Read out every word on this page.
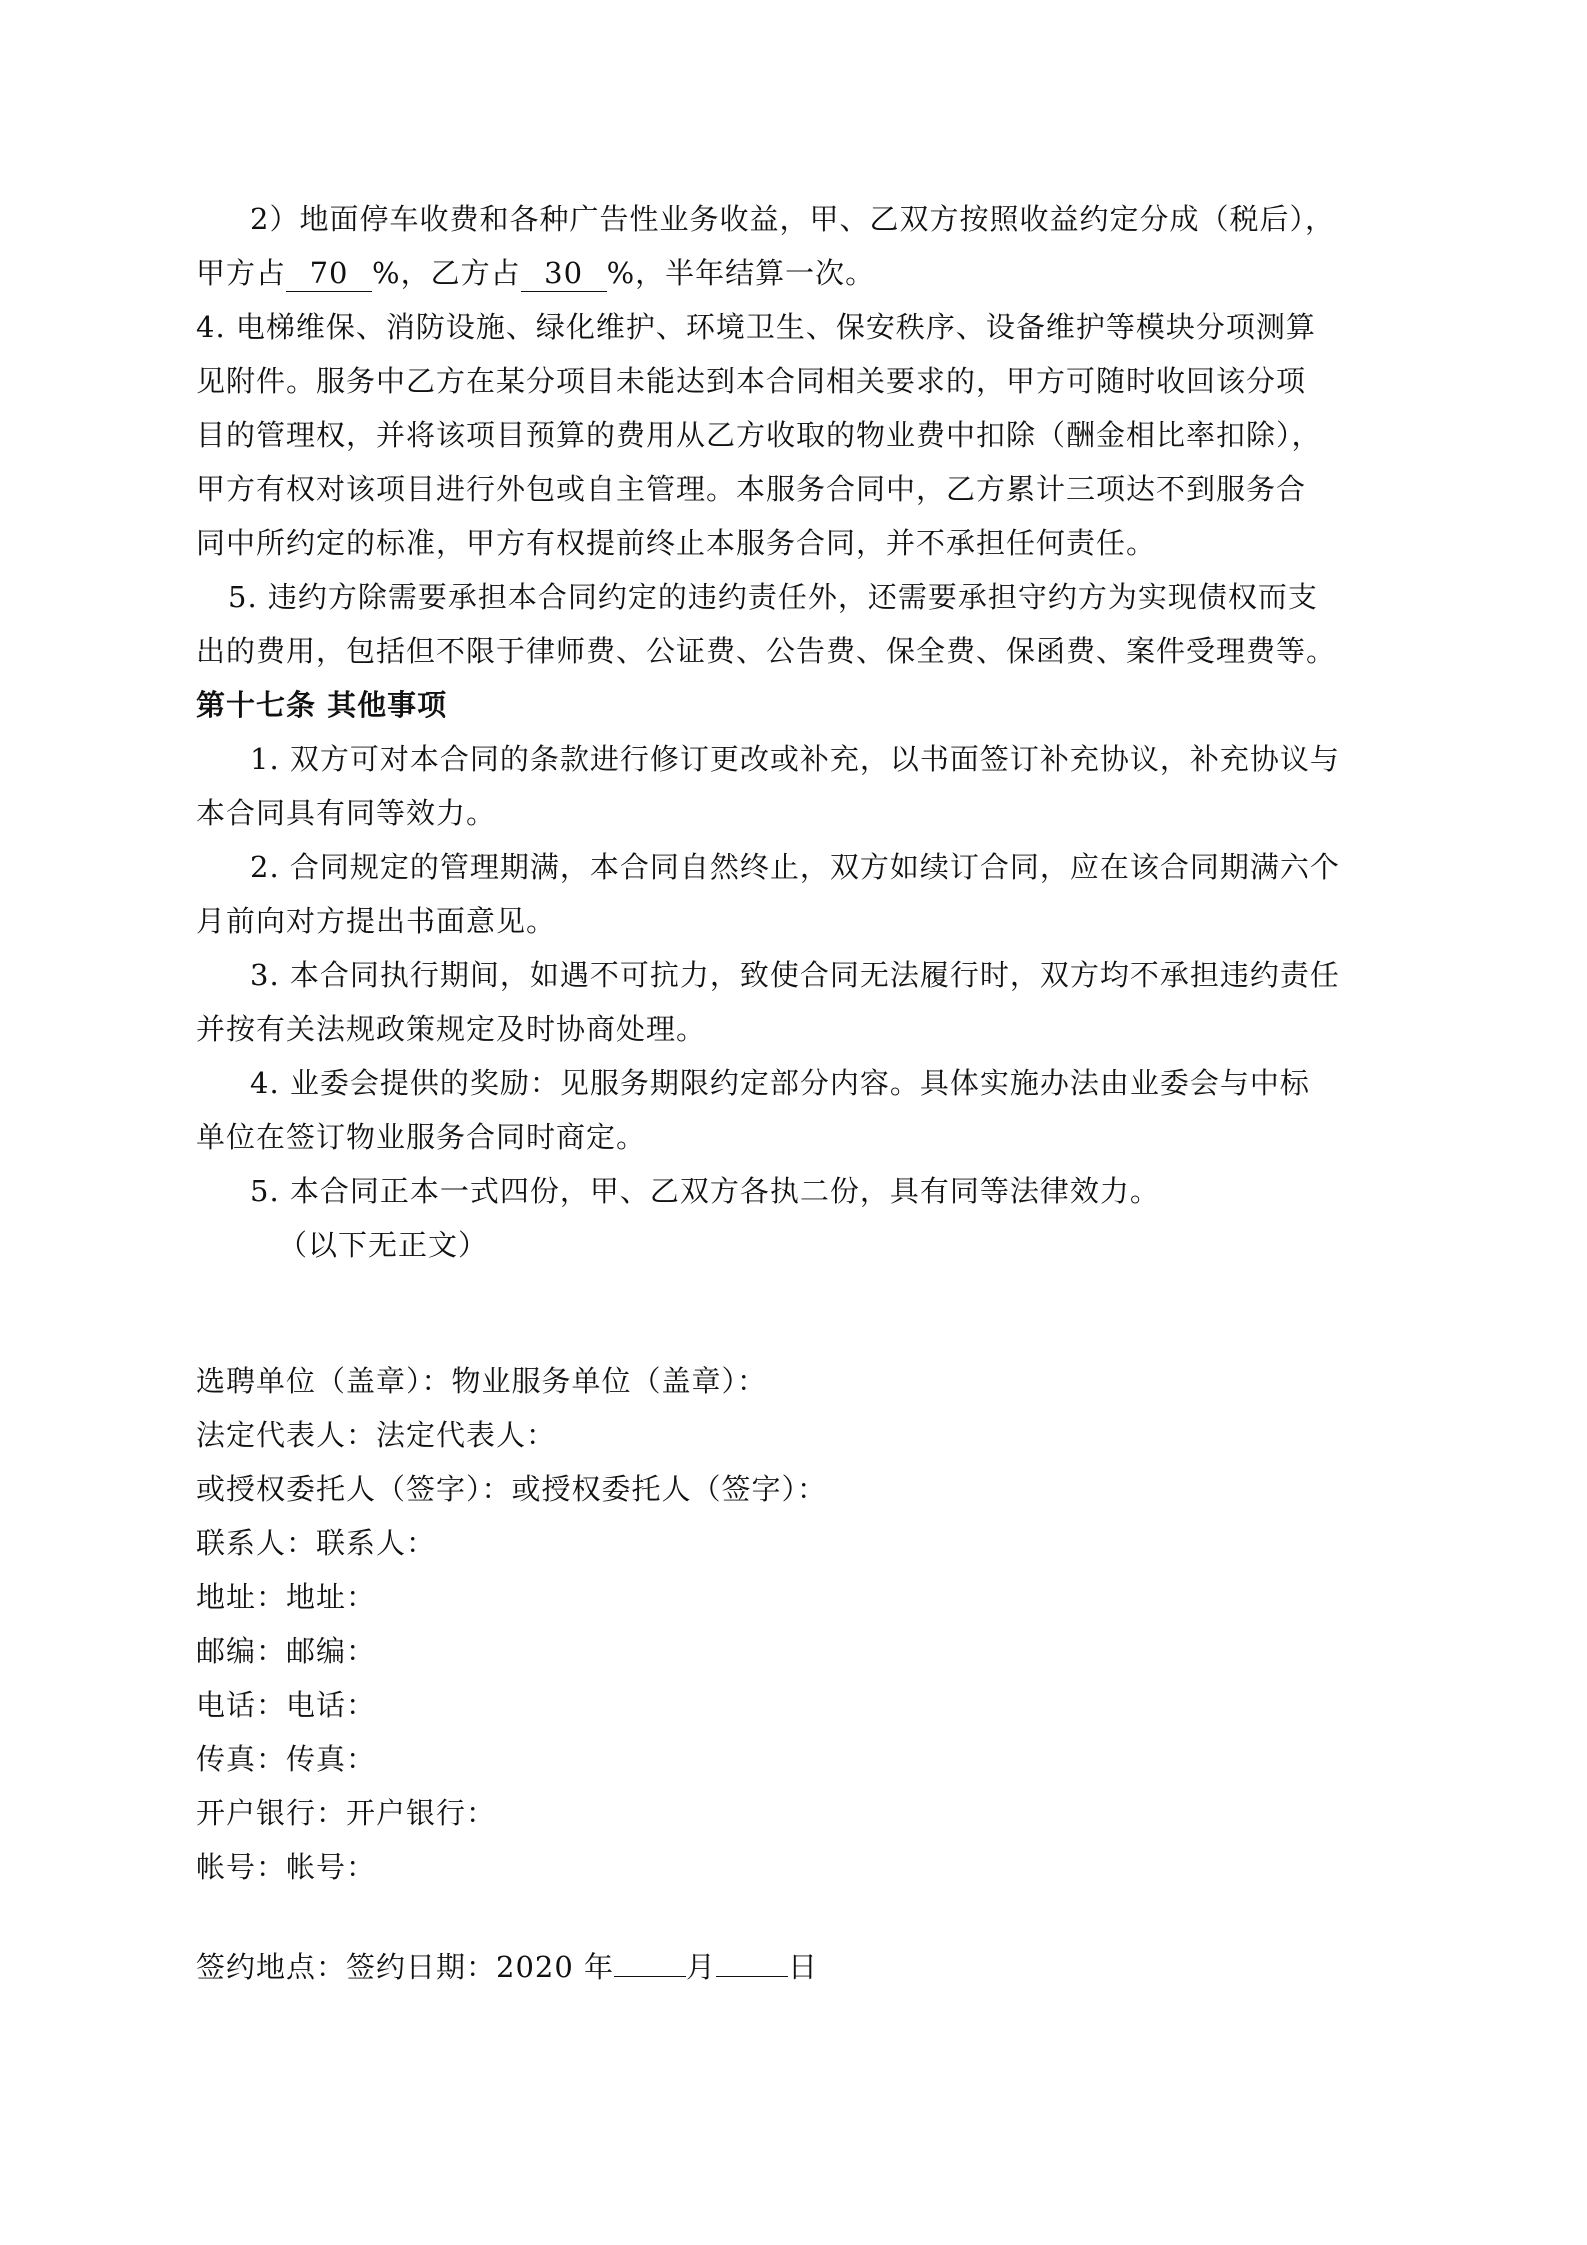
2）地面停车收费和各种广告性业务收益，甲、乙双方按照收益约定分成（税后），
甲方占 70 %，乙方占 30 %，半年结算一次。
4. 电梯维保、消防设施、绿化维护、环境卫生、保安秩序、设备维护等模块分项测算
见附件。服务中乙方在某分项目未能达到本合同相关要求的，甲方可随时收回该分项
目的管理权，并将该项目预算的费用从乙方收取的物业费中扣除（酬金相比率扣除），
甲方有权对该项目进行外包或自主管理。本服务合同中，乙方累计三项达不到服务合
同中所约定的标准，甲方有权提前终止本服务合同，并不承担任何责任。
5. 违约方除需要承担本合同约定的违约责任外，还需要承担守约方为实现债权而支
出的费用，包括但不限于律师费、公证费、公告费、保全费、保函费、案件受理费等。
第十七条 其他事项
1. 双方可对本合同的条款进行修订更改或补充，以书面签订补充协议，补充协议与
本合同具有同等效力。
2. 合同规定的管理期满，本合同自然终止，双方如续订合同，应在该合同期满六个
月前向对方提出书面意见。
3. 本合同执行期间，如遇不可抗力，致使合同无法履行时，双方均不承担违约责任
并按有关法规政策规定及时协商处理。
4. 业委会提供的奖励：见服务期限约定部分内容。具体实施办法由业委会与中标
单位在签订物业服务合同时商定。
5. 本合同正本一式四份，甲、乙双方各执二份，具有同等法律效力。
（以下无正文）
选聘单位（盖章）：物业服务单位（盖章）：
法定代表人：法定代表人：
或授权委托人（签字）：或授权委托人（签字）：
联系人：联系人：
地址：地址：
邮编：邮编：
电话：电话：
传真：传真：
开户银行：开户银行：
帐号：帐号：
签约地点：签约日期：2020 年 月 日
